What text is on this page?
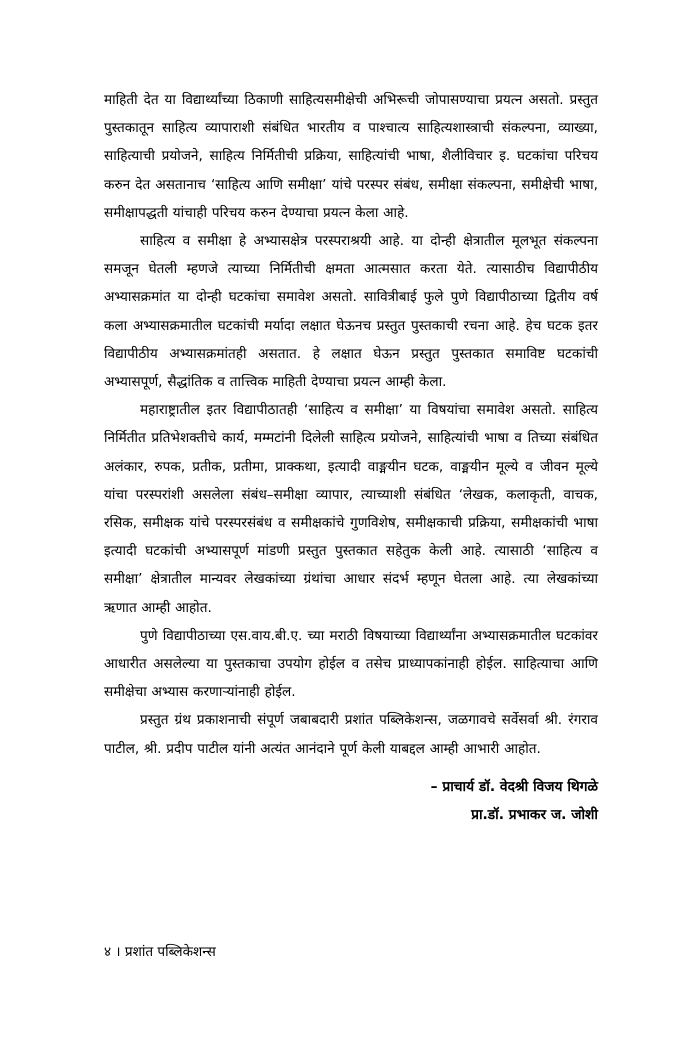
माहिती देत या विद्यार्थ्यांच्या ठिकाणी साहित्यसमीक्षेची अभिरूची जोपासण्याचा प्रयत्न असतो. प्रस्तुत पुस्तकातून साहित्य व्यापाराशी संबंधित भारतीय व पाश्चात्य साहित्यशास्त्राची संकल्पना, व्याख्या, साहित्याची प्रयोजने, साहित्य निर्मितीची प्रक्रिया, साहित्यांची भाषा, शैलीविचार इ. घटकांचा परिचय करुन देत असतानाच ‘साहित्य आणि समीक्षा’ यांचे परस्पर संबंध, समीक्षा संकल्पना, समीक्षेची भाषा, समीक्षापद्धती यांचाही परिचय करुन देण्याचा प्रयत्न केला आहे.

साहित्य व समीक्षा हे अभ्यासक्षेत्र परस्पराश्रयी आहे. या दोन्ही क्षेत्रातील मूलभूत संकल्पना समजून घेतली म्हणजे त्याच्या निर्मितीची क्षमता आत्मसात करता येते. त्यासाठीच विद्यापीठीय अभ्यासक्रमांत या दोन्ही घटकांचा समावेश असतो. सावित्रीबाई फुले पुणे विद्यापीठाच्या द्वितीय वर्ष कला अभ्यासक्रमातील घटकांची मर्यादा लक्षात घेऊनच प्रस्तुत पुस्तकाची रचना आहे. हेच घटक इतर विद्यापीठीय अभ्यासक्रमांतही असतात. हे लक्षात घेऊन प्रस्तुत पुस्तकात समाविष्ट घटकांची अभ्यासपूर्ण, सैद्धांतिक व तात्त्विक माहिती देण्याचा प्रयत्न आम्ही केला.

महाराष्ट्रातील इतर विद्यापीठातही ‘साहित्य व समीक्षा’ या विषयांचा समावेश असतो. साहित्य निर्मितीत प्रतिभेशक्तीचे कार्य, मम्मटांनी दिलेली साहित्य प्रयोजने, साहित्यांची भाषा व तिच्या संबंधित अलंकार, रुपक, प्रतीक, प्रतीमा, प्राक्कथा, इत्यादी वाङ्मयीन घटक, वाङ्मयीन मूल्ये व जीवन मूल्ये यांचा परस्परांशी असलेला संबंध–समीक्षा व्यापार, त्याच्याशी संबंधित ‘लेखक, कलाकृती, वाचक, रसिक, समीक्षक यांचे परस्परसंबंध व समीक्षकांचे गुणविशेष, समीक्षकाची प्रक्रिया, समीक्षकांची भाषा इत्यादी घटकांची अभ्यासपूर्ण मांडणी प्रस्तुत पुस्तकात सहेतुक केली आहे. त्यासाठी ‘साहित्य व समीक्षा’ क्षेत्रातील मान्यवर लेखकांच्या ग्रंथांचा आधार संदर्भ म्हणून घेतला आहे. त्या लेखकांच्या ऋणात आम्ही आहोत.

पुणे विद्यापीठाच्या एस.वाय.बी.ए. च्या मराठी विषयाच्या विद्यार्थ्यांना अभ्यासक्रमातील घटकांवर आधारीत असलेल्या या पुस्तकाचा उपयोग होईल व तसेच प्राध्यापकांनाही होईल. साहित्याचा आणि समीक्षेचा अभ्यास करणाऱ्यांनाही होईल.

प्रस्तुत ग्रंथ प्रकाशनाची संपूर्ण जबाबदारी प्रशांत पब्लिकेशन्स, जळगावचे सर्वेसर्वा श्री. रंगराव पाटील, श्री. प्रदीप पाटील यांनी अत्यंत आनंदाने पूर्ण केली याबद्दल आम्ही आभारी आहोत.

– प्राचार्य डॉ. वेदश्री विजय थिगळे
प्रा.डॉ. प्रभाकर ज. जोशी
४ । प्रशांत पब्लिकेशन्स
